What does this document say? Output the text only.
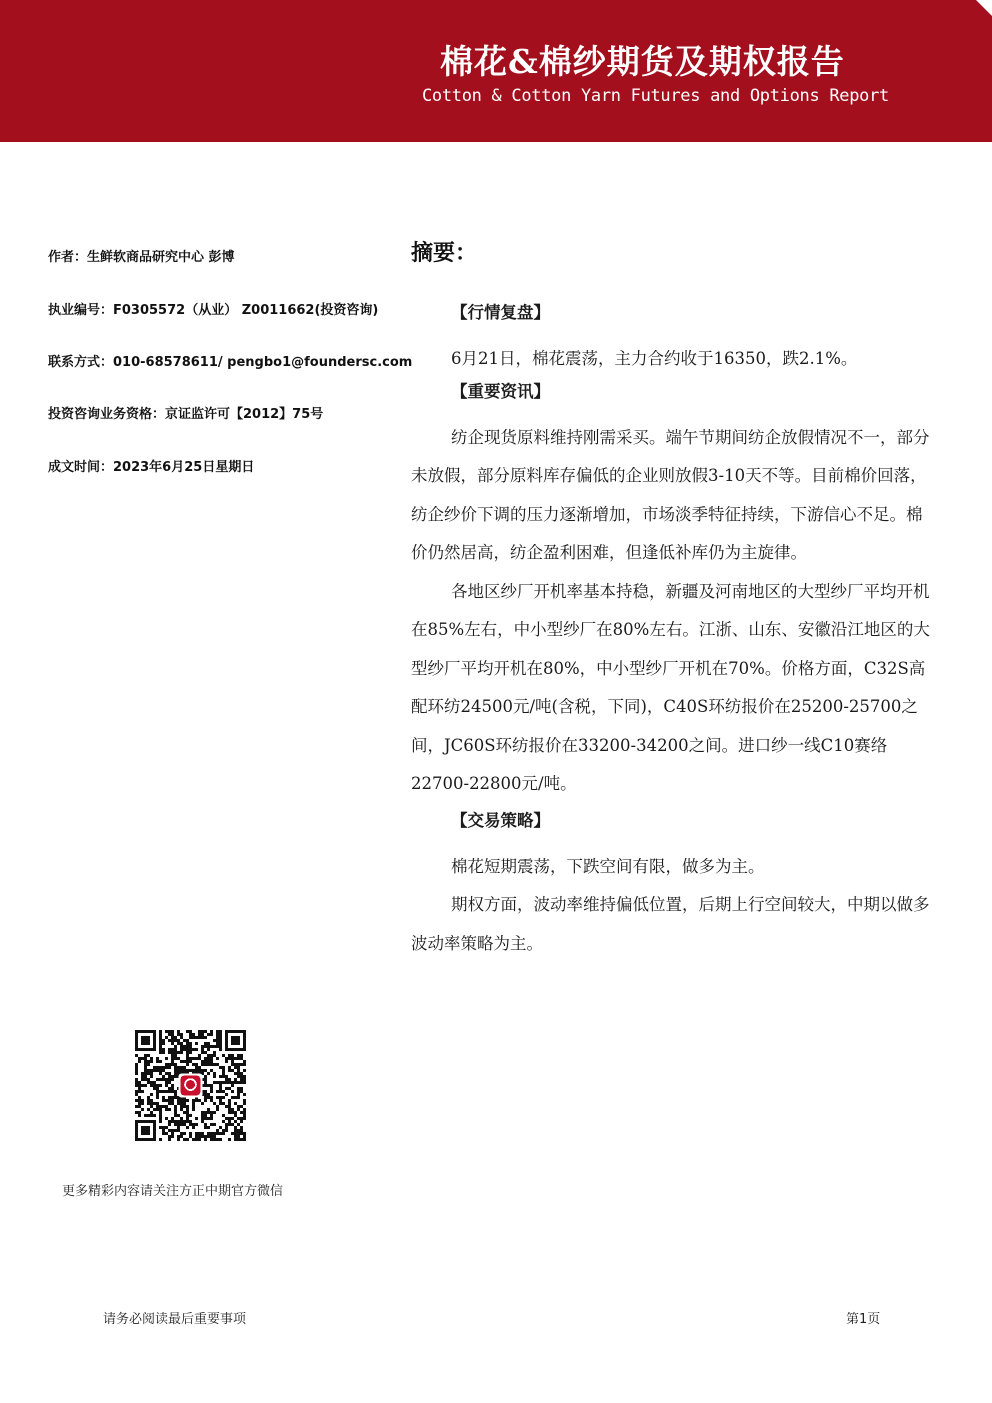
棉花&棉纱期货及期权报告
Cotton & Cotton Yarn Futures and Options Report
作者：生鲜软商品研究中心 彭博
执业编号：F0305572（从业） Z0011662(投资咨询)
联系方式：010-68578611/ pengbo1@foundersc.com
投资咨询业务资格：京证监许可【2012】75号
成文时间：2023年6月25日星期日
摘要：
【行情复盘】

6月21日，棉花震荡，主力合约收于16350，跌2.1%。

【重要资讯】

纺企现货原料维持刚需采买。端午节期间纺企放假情况不一，部分未放假，部分原料库存偏低的企业则放假3-10天不等。目前棉价回落，纺企纱价下调的压力逐渐增加，市场淡季特征持续，下游信心不足。棉价仍然居高，纺企盈利困难，但逢低补库仍为主旋律。

各地区纱厂开机率基本持稳，新疆及河南地区的大型纱厂平均开机在85%左右，中小型纱厂在80%左右。江浙、山东、安徽沿江地区的大型纱厂平均开机在80%，中小型纱厂开机在70%。价格方面，C32S高配环纺24500元/吨(含税，下同)，C40S环纺报价在25200-25700之间，JC60S环纺报价在33200-34200之间。进口纱一线C10赛络22700-22800元/吨。

【交易策略】

棉花短期震荡，下跌空间有限，做多为主。

期权方面，波动率维持偏低位置，后期上行空间较大，中期以做多波动率策略为主。

更多精彩内容请关注方正中期官方微信
请务必阅读最后重要事项	第1页
